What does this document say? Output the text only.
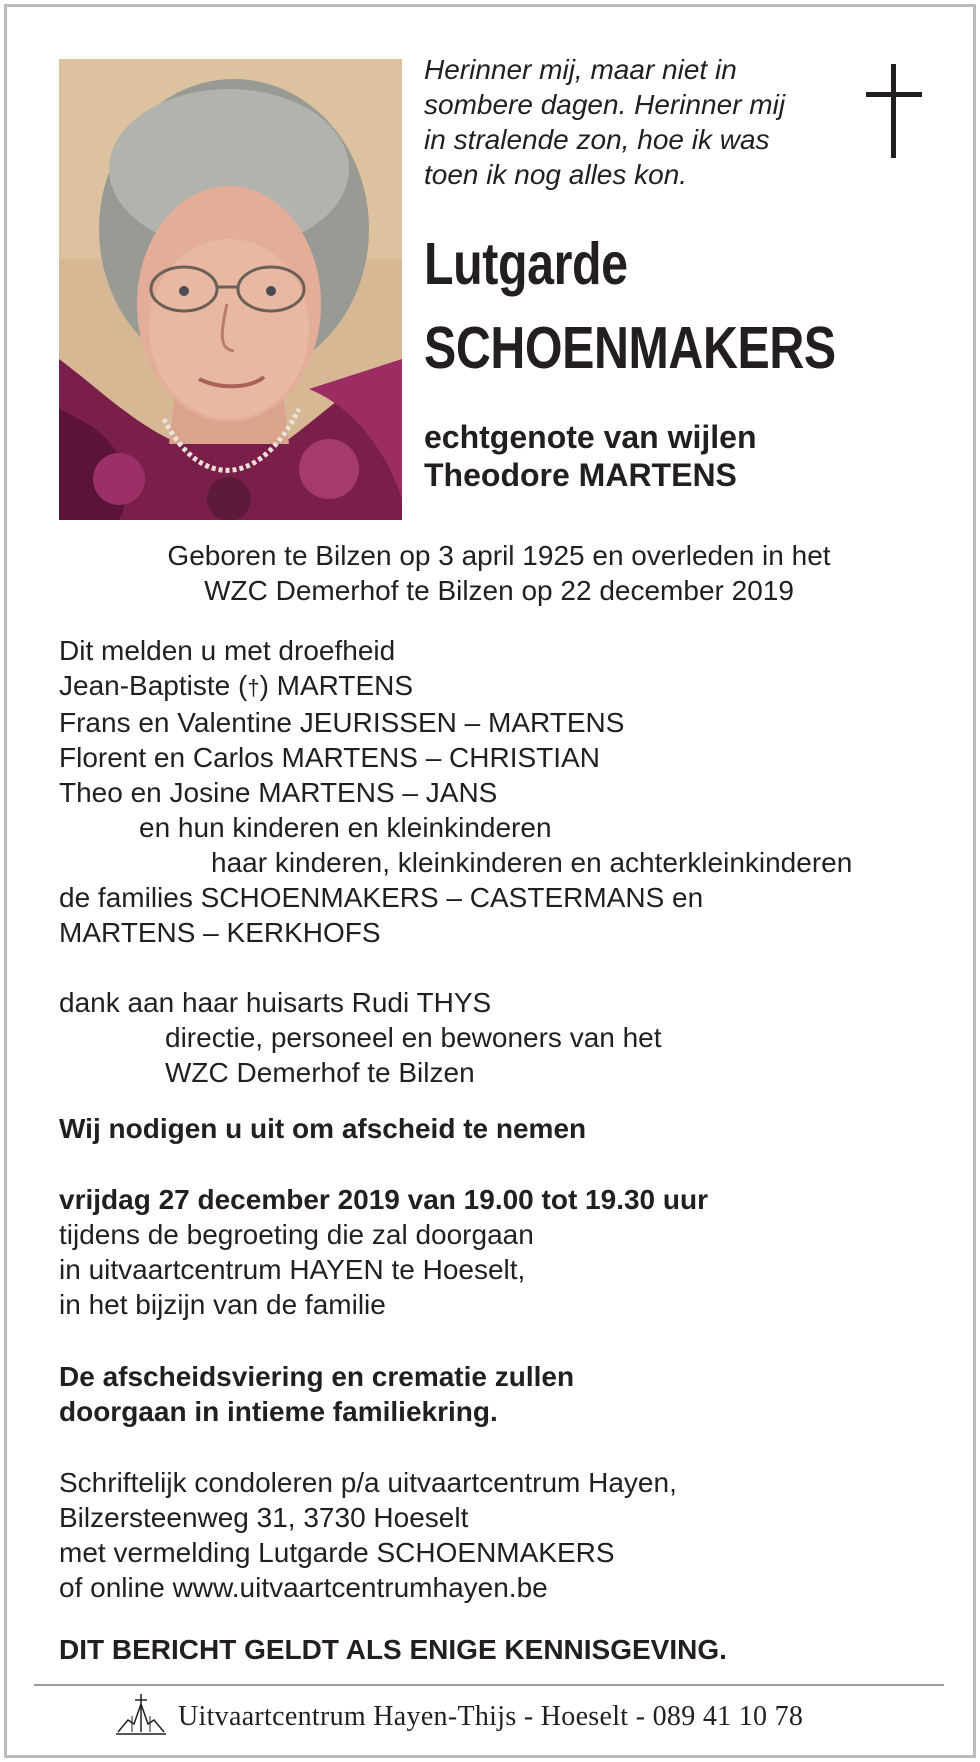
Herinner mij, maar niet in
sombere dagen. Herinner mij
in stralende zon, hoe ik was
toen ik nog alles kon.
Lutgarde
SCHOENMAKERS
echtgenote van wijlen
Theodore MARTENS
Geboren te Bilzen op 3 april 1925 en overleden in het
WZC Demerhof te Bilzen op 22 december 2019
Dit melden u met droefheid
Jean-Baptiste (†) MARTENS
Frans en Valentine JEURISSEN – MARTENS
Florent en Carlos MARTENS – CHRISTIAN
Theo en Josine MARTENS – JANS
en hun kinderen en kleinkinderen
haar kinderen, kleinkinderen en achterkleinkinderen
de families SCHOENMAKERS – CASTERMANS en
MARTENS – KERKHOFS
dank aan haar huisarts Rudi THYS
directie, personeel en bewoners van het
WZC Demerhof te Bilzen
Wij nodigen u uit om afscheid te nemen
vrijdag 27 december 2019 van 19.00 tot 19.30 uur
tijdens de begroeting die zal doorgaan
in uitvaartcentrum HAYEN te Hoeselt,
in het bijzijn van de familie
De afscheidsviering en crematie zullen
doorgaan in intieme familiekring.
Schriftelijk condoleren p/a uitvaartcentrum Hayen,
Bilzersteenweg 31, 3730 Hoeselt
met vermelding Lutgarde SCHOENMAKERS
of online www.uitvaartcentrumhayen.be
DIT BERICHT GELDT ALS ENIGE KENNISGEVING.
Uitvaartcentrum Hayen-Thijs - Hoeselt - 089 41 10 78
